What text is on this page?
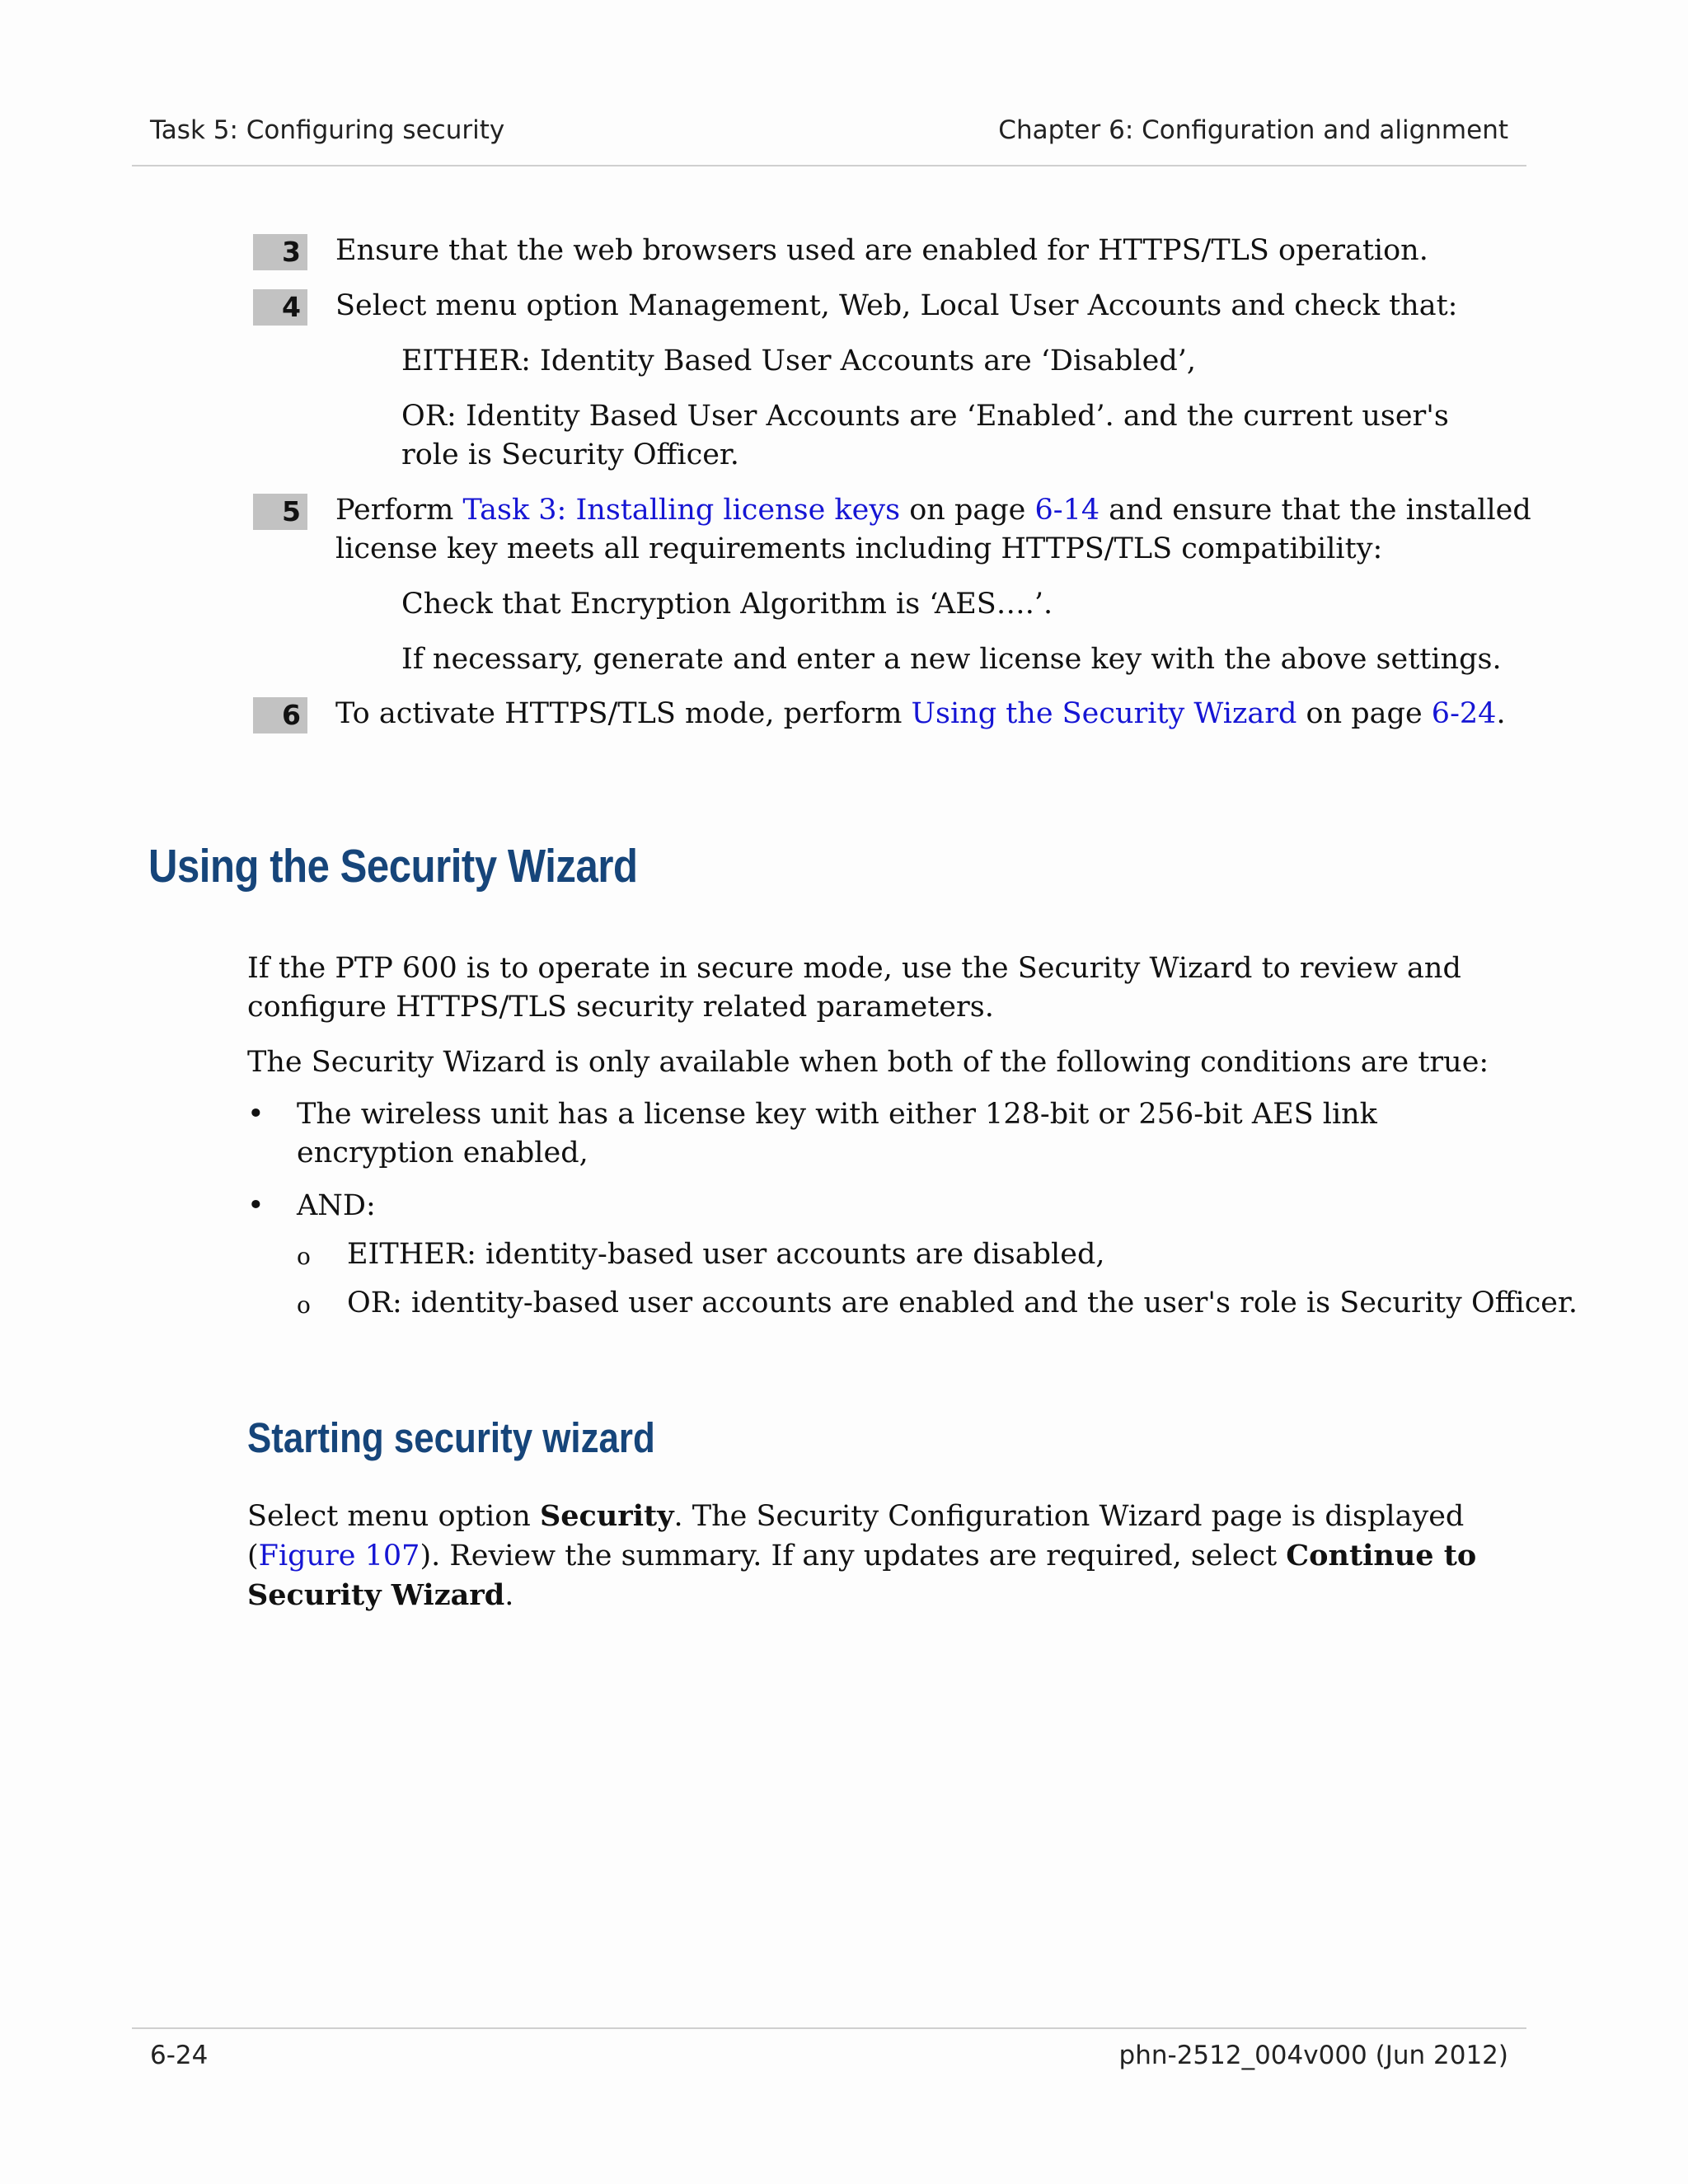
Task 5: Configuring security	Chapter 6: Configuration and alignment
3 Ensure that the web browsers used are enabled for HTTPS/TLS operation.
4 Select menu option Management, Web, Local User Accounts and check that:
EITHER: Identity Based User Accounts are ‘Disabled’,
OR: Identity Based User Accounts are ‘Enabled’. and the current user's role is Security Officer.
5 Perform Task 3: Installing license keys on page 6-14 and ensure that the installed license key meets all requirements including HTTPS/TLS compatibility:
Check that Encryption Algorithm is ‘AES….’.
If necessary, generate and enter a new license key with the above settings.
6 To activate HTTPS/TLS mode, perform Using the Security Wizard on page 6-24.
Using the Security Wizard
If the PTP 600 is to operate in secure mode, use the Security Wizard to review and configure HTTPS/TLS security related parameters.
The Security Wizard is only available when both of the following conditions are true:
• The wireless unit has a license key with either 128-bit or 256-bit AES link encryption enabled,
• AND:
o EITHER: identity-based user accounts are disabled,
o OR: identity-based user accounts are enabled and the user's role is Security Officer.
Starting security wizard
Select menu option Security. The Security Configuration Wizard page is displayed (Figure 107). Review the summary. If any updates are required, select Continue to Security Wizard.
6-24	phn-2512_004v000 (Jun 2012)
